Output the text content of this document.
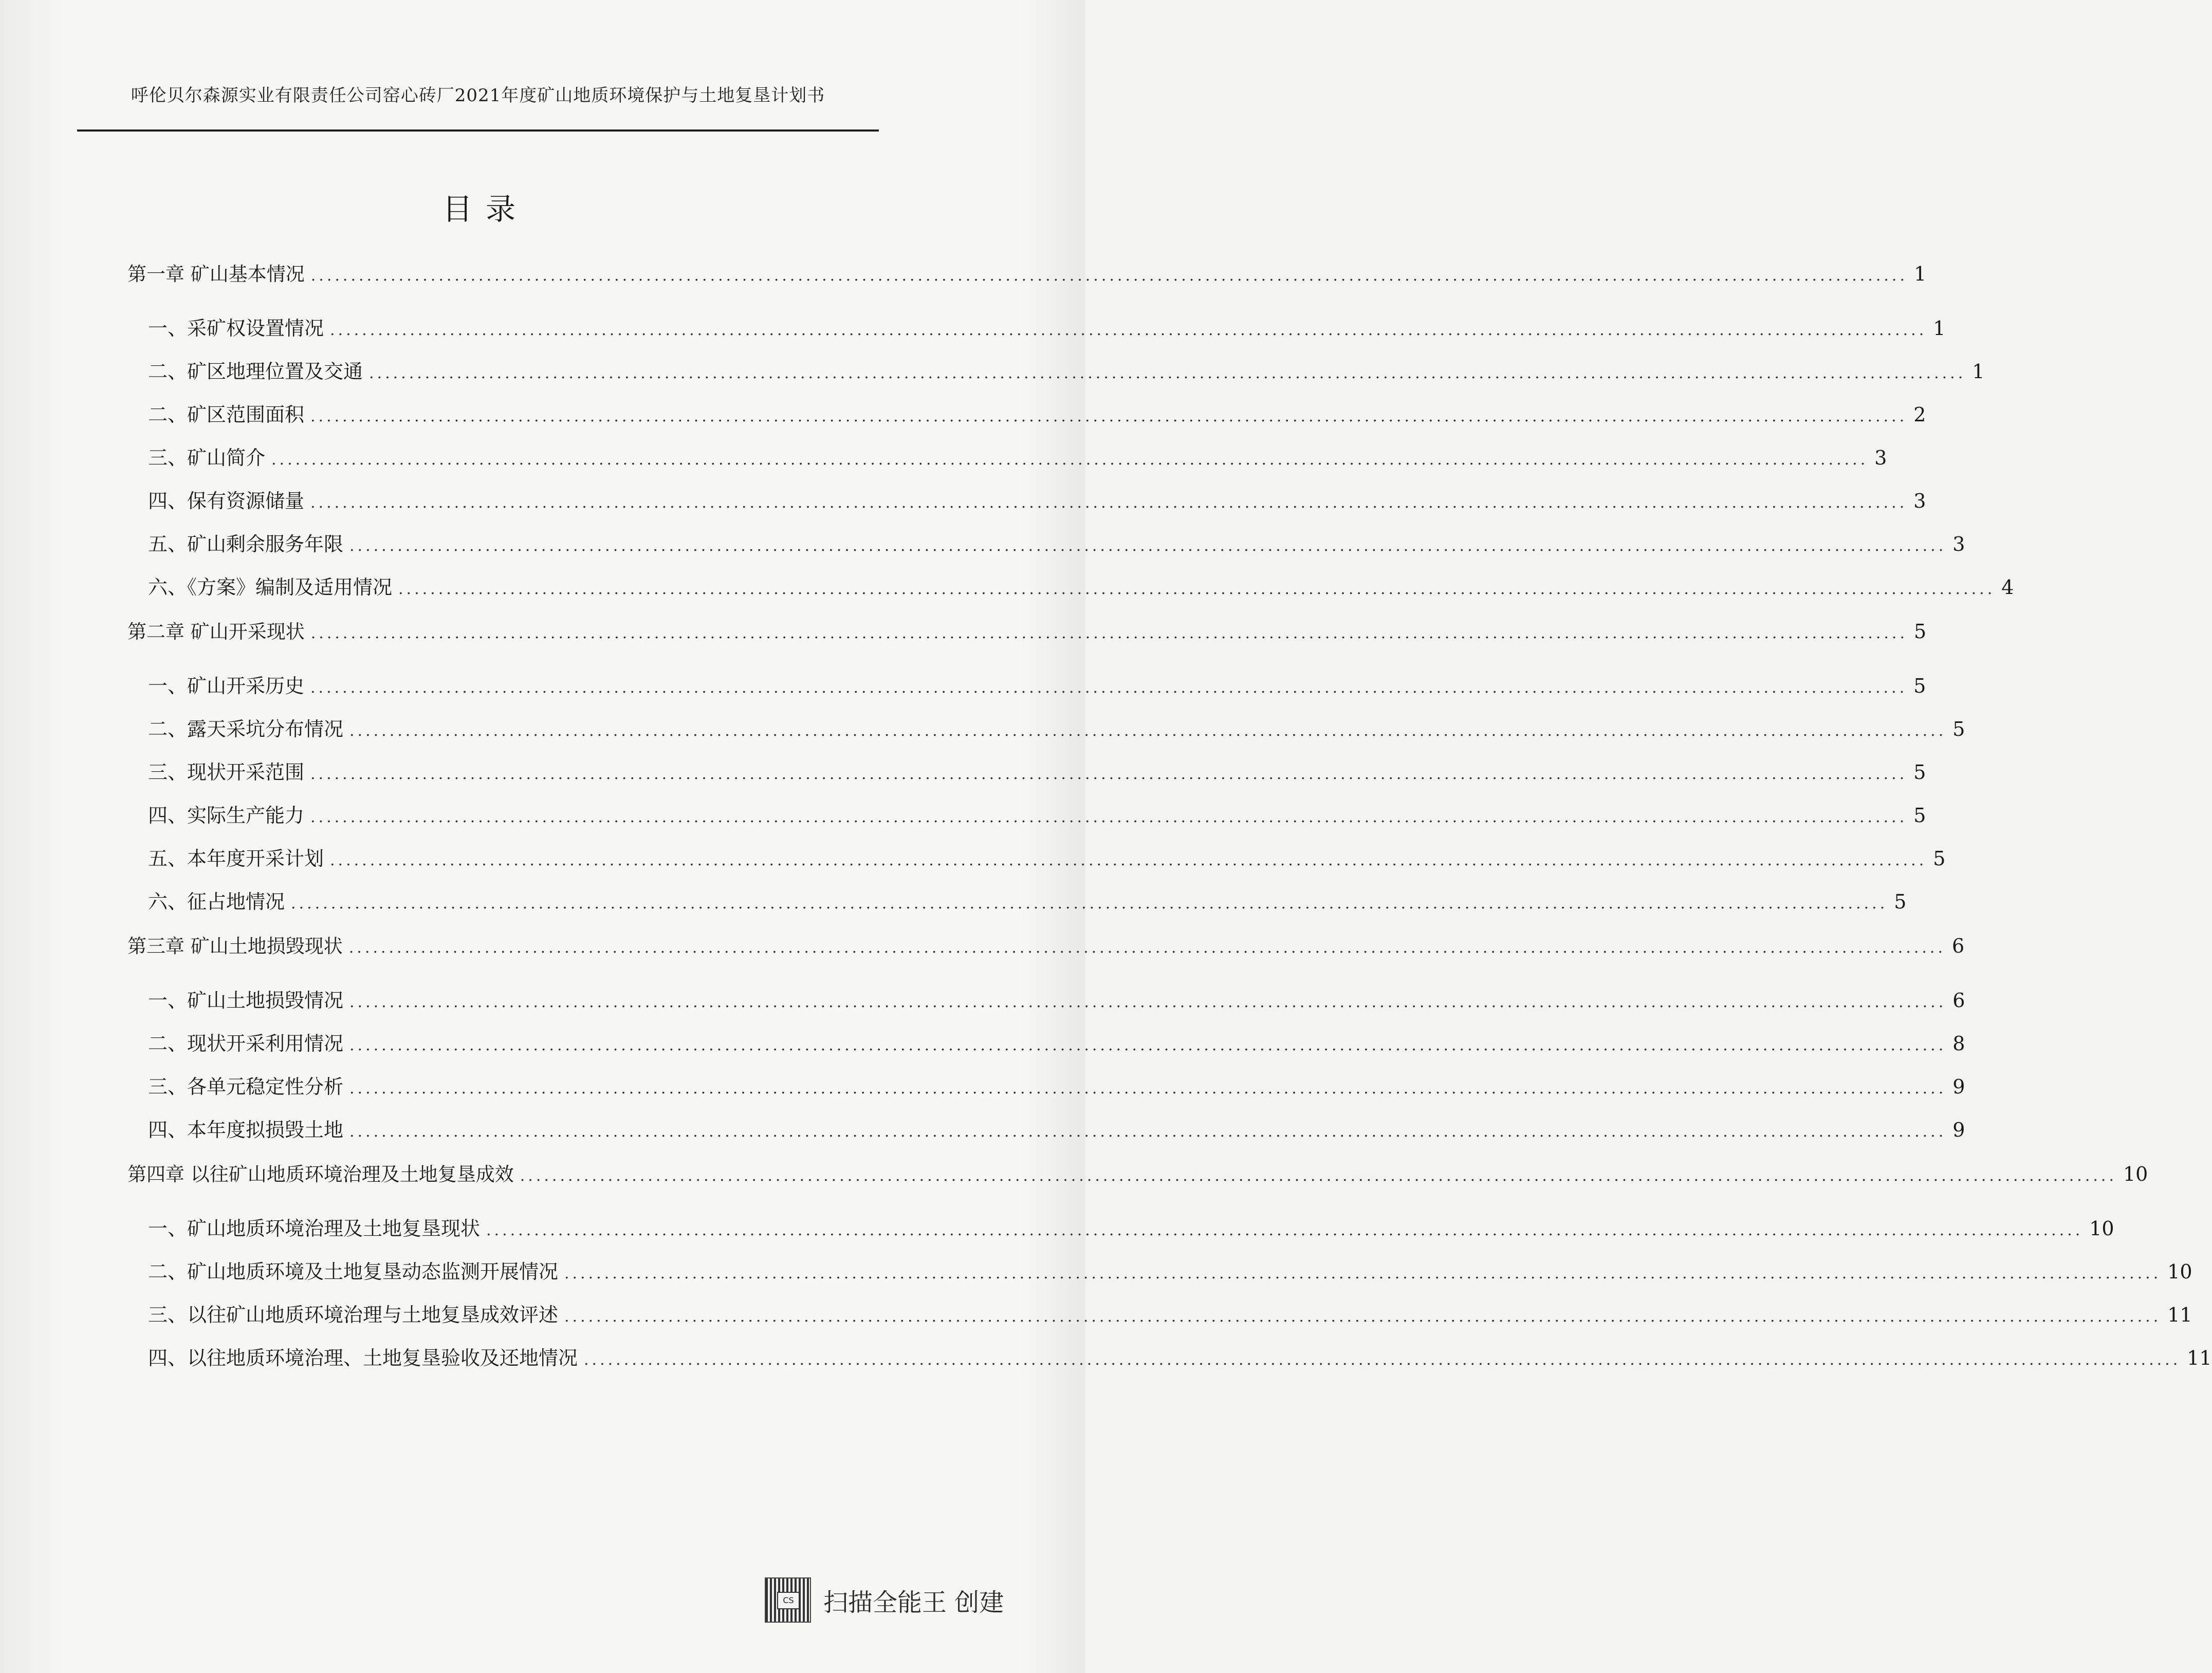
呼伦贝尔森源实业有限责任公司窑心砖厂2021年度矿山地质环境保护与土地复垦计划书
目录
第一章 矿山基本情况 ........................................................................................................................................................................................................ 1
一、采矿权设置情况 ........................................................................................................................................................................................................ 1
二、矿区地理位置及交通 ........................................................................................................................................................................................................ 1
二、矿区范围面积 ........................................................................................................................................................................................................ 2
三、矿山简介 ........................................................................................................................................................................................................ 3
四、保有资源储量 ........................................................................................................................................................................................................ 3
五、矿山剩余服务年限 ........................................................................................................................................................................................................ 3
六、《方案》编制及适用情况 ........................................................................................................................................................................................................ 4
第二章 矿山开采现状 ........................................................................................................................................................................................................ 5
一、矿山开采历史 ........................................................................................................................................................................................................ 5
二、露天采坑分布情况 ........................................................................................................................................................................................................ 5
三、现状开采范围 ........................................................................................................................................................................................................ 5
四、实际生产能力 ........................................................................................................................................................................................................ 5
五、本年度开采计划 ........................................................................................................................................................................................................ 5
六、征占地情况 ........................................................................................................................................................................................................ 5
第三章 矿山土地损毁现状 ........................................................................................................................................................................................................ 6
一、矿山土地损毁情况 ........................................................................................................................................................................................................ 6
二、现状开采利用情况 ........................................................................................................................................................................................................ 8
三、各单元稳定性分析 ........................................................................................................................................................................................................ 9
四、本年度拟损毁土地 ........................................................................................................................................................................................................ 9
第四章 以往矿山地质环境治理及土地复垦成效 ........................................................................................................................................................................................................ 10
一、矿山地质环境治理及土地复垦现状 ........................................................................................................................................................................................................ 10
二、矿山地质环境及土地复垦动态监测开展情况 ........................................................................................................................................................................................................ 10
三、以往矿山地质环境治理与土地复垦成效评述 ........................................................................................................................................................................................................ 11
四、以往地质环境治理、土地复垦验收及还地情况 ........................................................................................................................................................................................................ 11
CS 扫描全能王 创建
